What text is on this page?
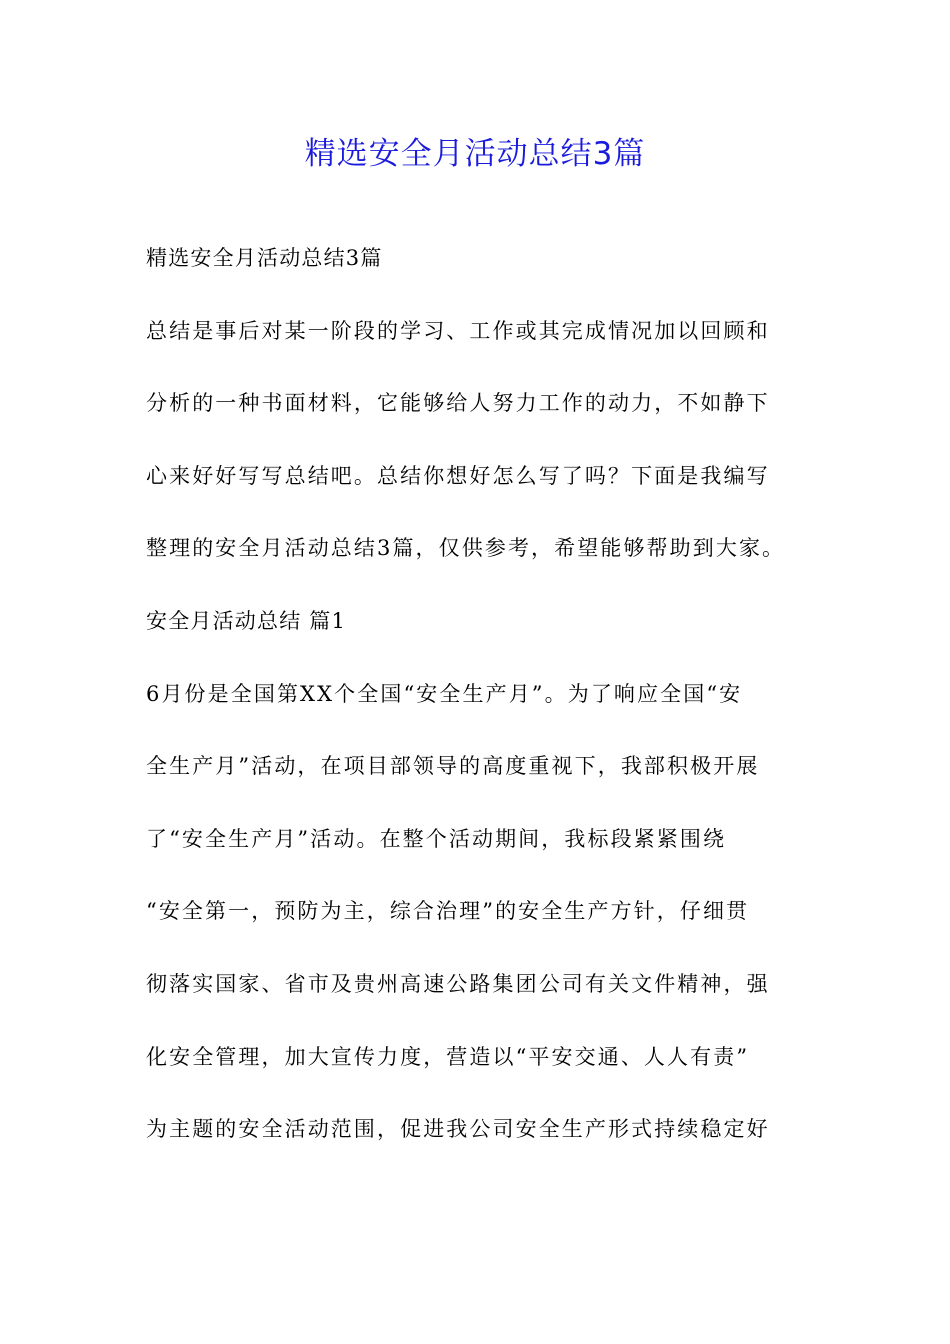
精选安全月活动总结3篇
精选安全月活动总结3篇
总结是事后对某一阶段的学习、工作或其完成情况加以回顾和
分析的一种书面材料，它能够给人努力工作的动力，不如静下
心来好好写写总结吧。总结你想好怎么写了吗？下面是我编写
整理的安全月活动总结3篇，仅供参考，希望能够帮助到大家。
安全月活动总结 篇1
6月份是全国第XX个全国“安全生产月”。为了响应全国“安
全生产月”活动，在项目部领导的高度重视下，我部积极开展
了“安全生产月”活动。在整个活动期间，我标段紧紧围绕
“安全第一，预防为主，综合治理”的安全生产方针，仔细贯
彻落实国家、省市及贵州高速公路集团公司有关文件精神，强
化安全管理，加大宣传力度，营造以“平安交通、人人有责”
为主题的安全活动范围，促进我公司安全生产形式持续稳定好
